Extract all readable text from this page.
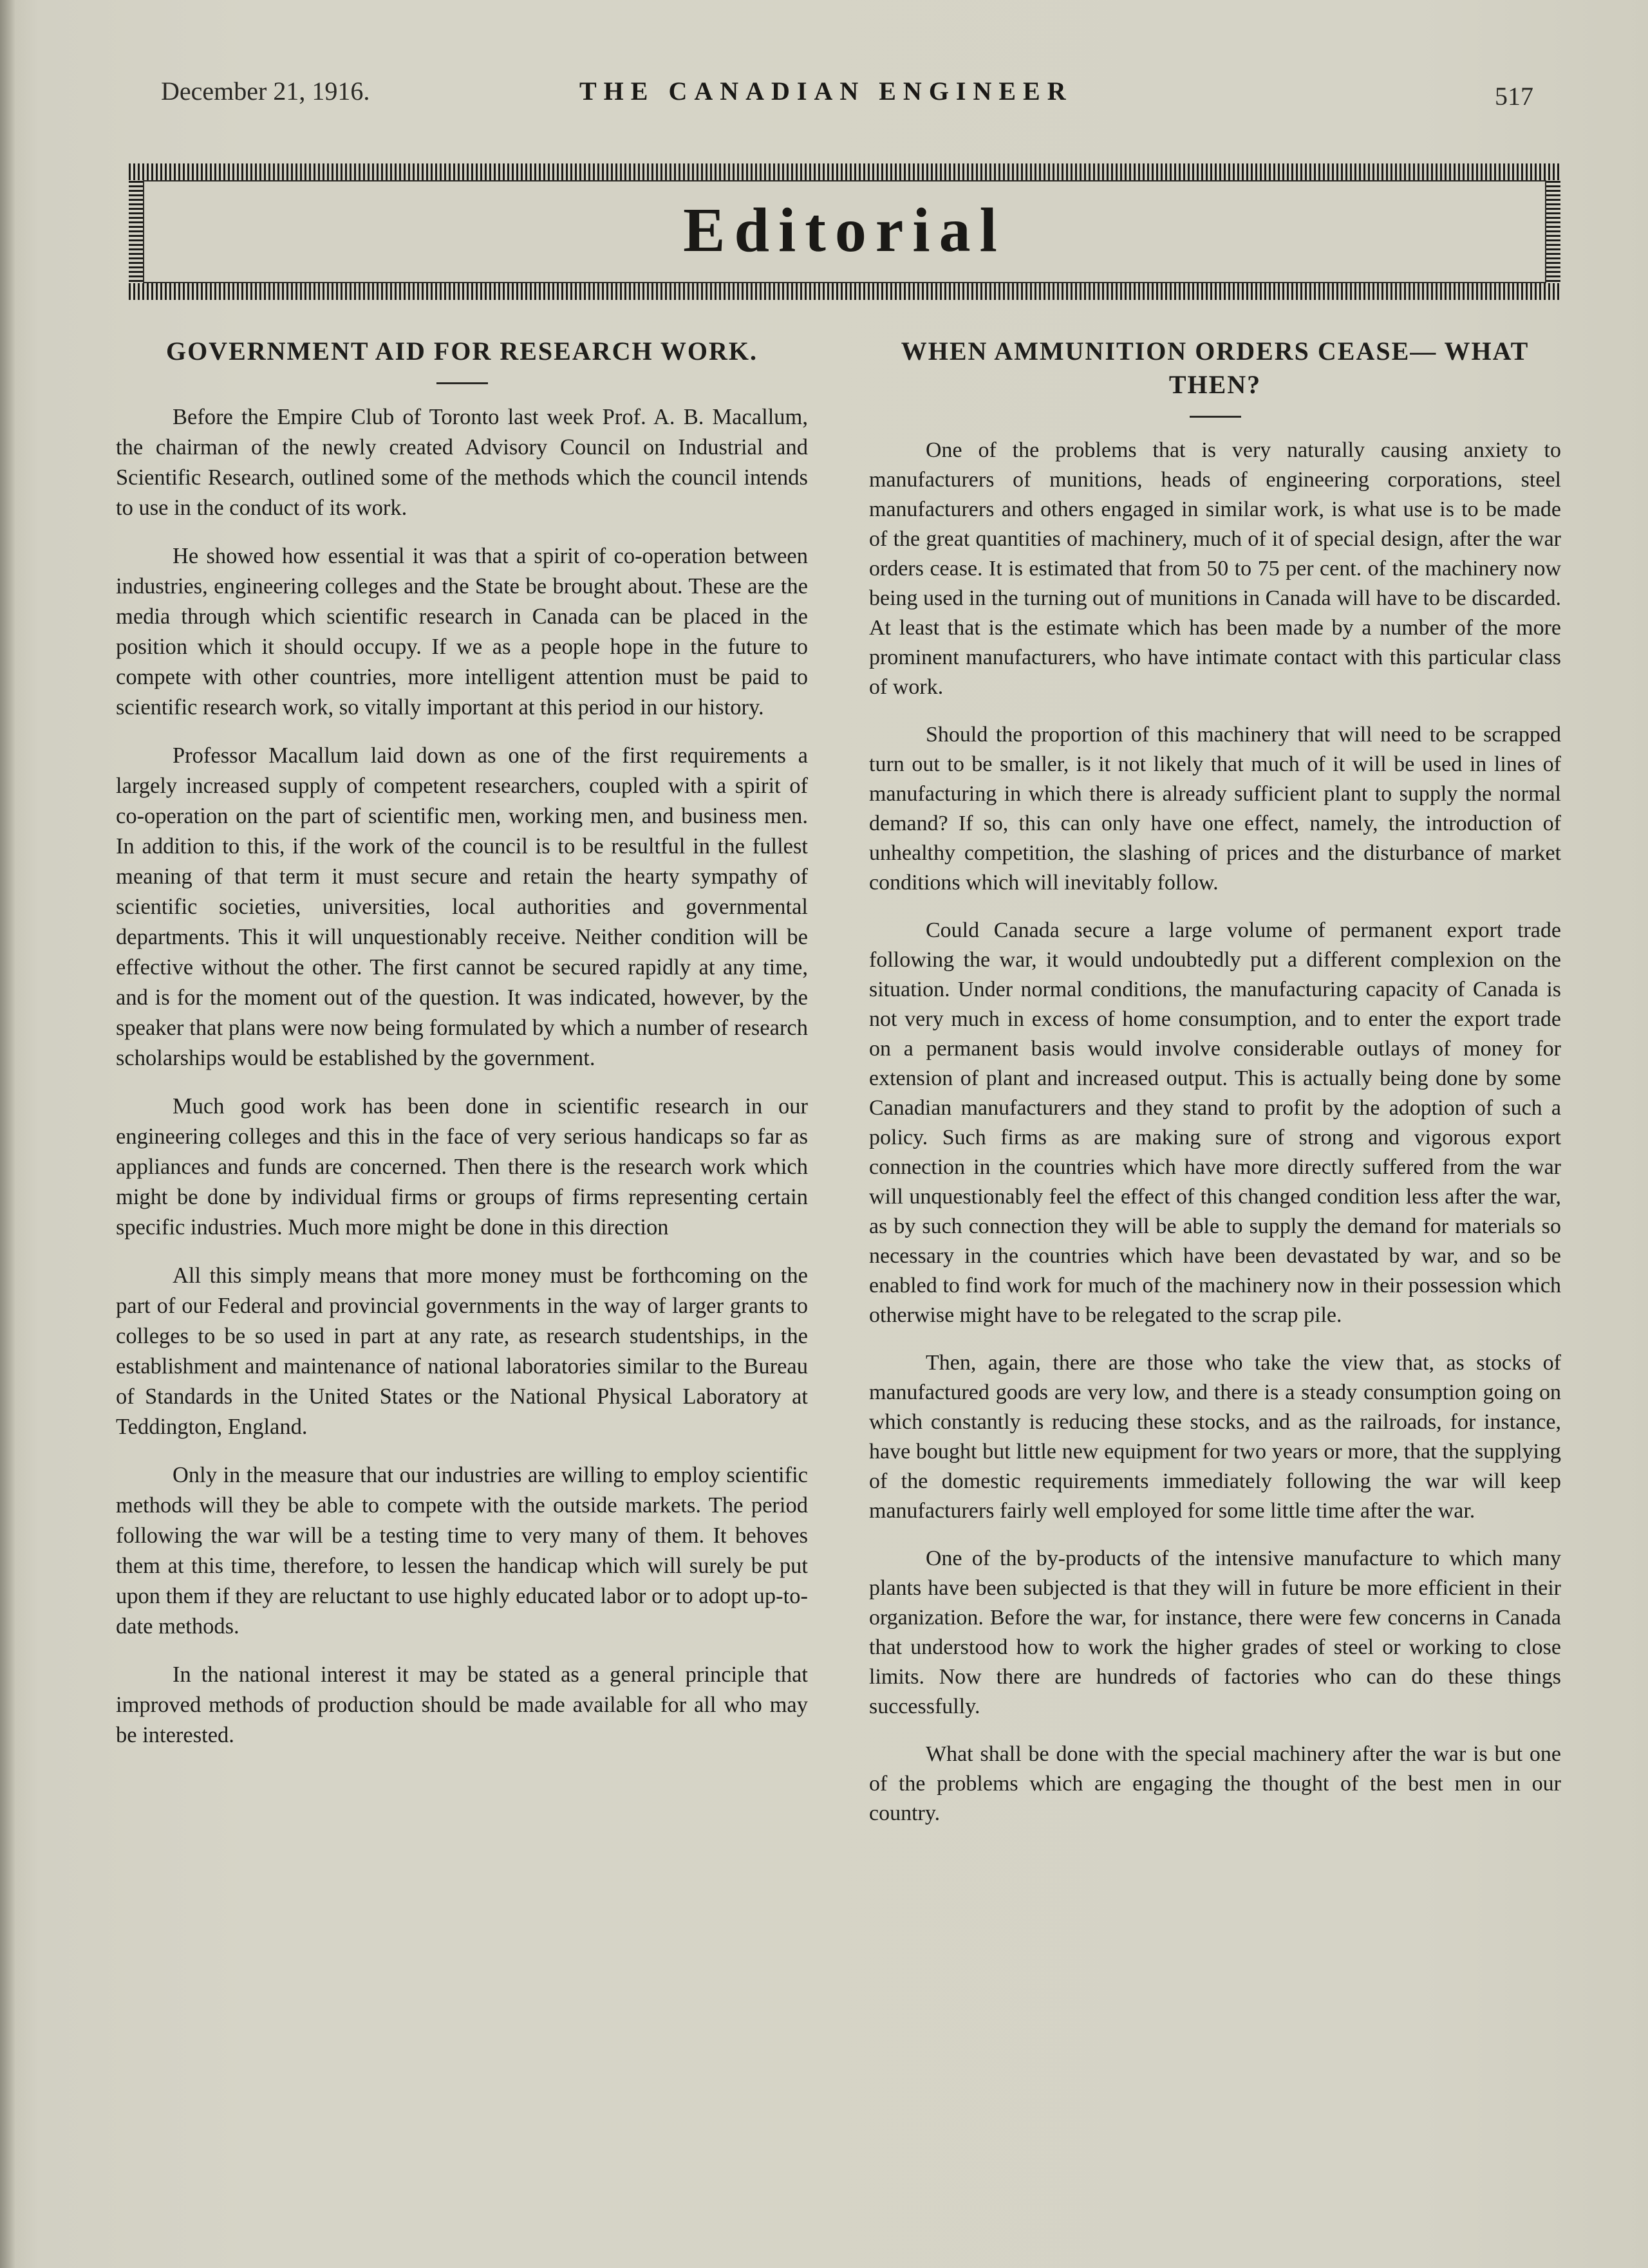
December 21, 1916.	THE CANADIAN ENGINEER	517
Editorial
GOVERNMENT AID FOR RESEARCH WORK.

Before the Empire Club of Toronto last week Prof. A. B. Macallum, the chairman of the newly created Advisory Council on Industrial and Scientific Research, outlined some of the methods which the council intends to use in the conduct of its work.

He showed how essential it was that a spirit of co-operation between industries, engineering colleges and the State be brought about. These are the media through which scientific research in Canada can be placed in the position which it should occupy. If we as a people hope in the future to compete with other countries, more intelligent attention must be paid to scientific research work, so vitally important at this period in our history.

Professor Macallum laid down as one of the first requirements a largely increased supply of competent researchers, coupled with a spirit of co-operation on the part of scientific men, working men, and business men. In addition to this, if the work of the council is to be resultful in the fullest meaning of that term it must secure and retain the hearty sympathy of scientific societies, universities, local authorities and governmental departments. This it will unquestionably receive. Neither condition will be effective without the other. The first cannot be secured rapidly at any time, and is for the moment out of the question. It was indicated, however, by the speaker that plans were now being formulated by which a number of research scholarships would be established by the government.

Much good work has been done in scientific research in our engineering colleges and this in the face of very serious handicaps so far as appliances and funds are concerned. Then there is the research work which might be done by individual firms or groups of firms representing certain specific industries. Much more might be done in this direction

All this simply means that more money must be forthcoming on the part of our Federal and provincial governments in the way of larger grants to colleges to be so used in part at any rate, as research studentships, in the establishment and maintenance of national laboratories similar to the Bureau of Standards in the United States or the National Physical Laboratory at Teddington, England.

Only in the measure that our industries are willing to employ scientific methods will they be able to compete with the outside markets. The period following the war will be a testing time to very many of them. It behoves them at this time, therefore, to lessen the handicap which will surely be put upon them if they are reluctant to use highly educated labor or to adopt up-to-date methods.

In the national interest it may be stated as a general principle that improved methods of production should be made available for all who may be interested.

WHEN AMMUNITION ORDERS CEASE— WHAT THEN?

One of the problems that is very naturally causing anxiety to manufacturers of munitions, heads of engineering corporations, steel manufacturers and others engaged in similar work, is what use is to be made of the great quantities of machinery, much of it of special design, after the war orders cease. It is estimated that from 50 to 75 per cent. of the machinery now being used in the turning out of munitions in Canada will have to be discarded. At least that is the estimate which has been made by a number of the more prominent manufacturers, who have intimate contact with this particular class of work.

Should the proportion of this machinery that will need to be scrapped turn out to be smaller, is it not likely that much of it will be used in lines of manufacturing in which there is already sufficient plant to supply the normal demand? If so, this can only have one effect, namely, the introduction of unhealthy competition, the slashing of prices and the disturbance of market conditions which will inevitably follow.

Could Canada secure a large volume of permanent export trade following the war, it would undoubtedly put a different complexion on the situation. Under normal conditions, the manufacturing capacity of Canada is not very much in excess of home consumption, and to enter the export trade on a permanent basis would involve considerable outlays of money for extension of plant and increased output. This is actually being done by some Canadian manufacturers and they stand to profit by the adoption of such a policy. Such firms as are making sure of strong and vigorous export connection in the countries which have more directly suffered from the war will unquestionably feel the effect of this changed condition less after the war, as by such connection they will be able to supply the demand for materials so necessary in the countries which have been devastated by war, and so be enabled to find work for much of the machinery now in their possession which otherwise might have to be relegated to the scrap pile.

Then, again, there are those who take the view that, as stocks of manufactured goods are very low, and there is a steady consumption going on which constantly is reducing these stocks, and as the railroads, for instance, have bought but little new equipment for two years or more, that the supplying of the domestic requirements immediately following the war will keep manufacturers fairly well employed for some little time after the war.

One of the by-products of the intensive manufacture to which many plants have been subjected is that they will in future be more efficient in their organization. Before the war, for instance, there were few concerns in Canada that understood how to work the higher grades of steel or working to close limits. Now there are hundreds of factories who can do these things successfully.

What shall be done with the special machinery after the war is but one of the problems which are engaging the thought of the best men in our country.
